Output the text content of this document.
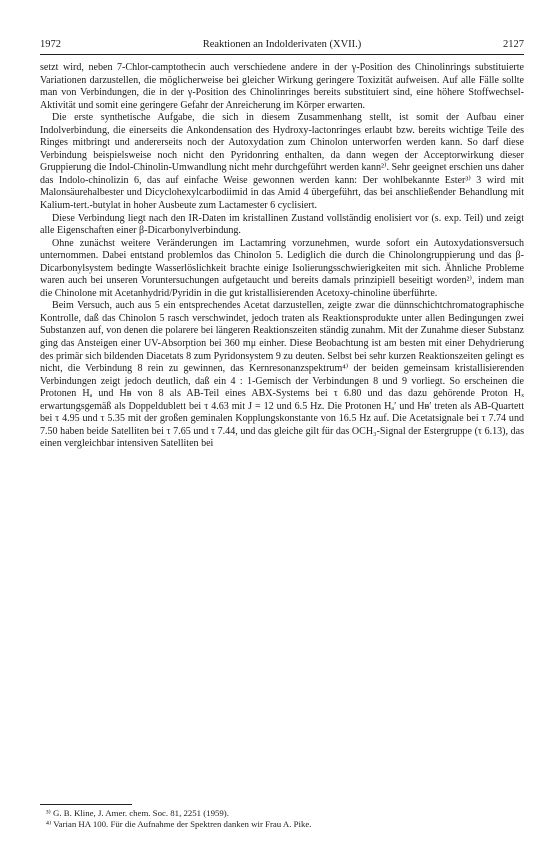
1972	Reaktionen an Indolderivaten (XVII.)	2127

setzt wird, neben 7-Chlor-camptothecin auch verschiedene andere in der γ-Position des Chinolinrings substituierte Variationen darzustellen, die möglicherweise bei gleicher Wirkung geringere Toxizität aufweisen. Auf alle Fälle sollte man von Verbindungen, die in der γ-Position des Chinolinringes bereits substituiert sind, eine höhere Stoffwechsel-Aktivität und somit eine geringere Gefahr der Anreicherung im Körper erwarten.

Die erste synthetische Aufgabe, die sich in diesem Zusammenhang stellt, ist somit der Aufbau einer Indolverbindung, die einerseits die Ankondensation des Hydroxy-lactonringes erlaubt bzw. bereits wichtige Teile des Ringes mitbringt und andererseits noch der Autoxydation zum Chinolon unterworfen werden kann. So darf diese Verbindung beispielsweise noch nicht den Pyridonring enthalten, da dann wegen der Acceptorwirkung dieser Gruppierung die Indol-Chinolin-Umwandlung nicht mehr durchgeführt werden kann²⁾. Sehr geeignet erschien uns daher das Indolo-chinolizin 6, das auf einfache Weise gewonnen werden kann: Der wohlbekannte Ester³⁾ 3 wird mit Malonsäurehalbester und Dicyclohexylcarbodiimid in das Amid 4 übergeführt, das bei anschließender Behandlung mit Kalium-tert.-butylat in hoher Ausbeute zum Lactamester 6 cyclisiert.

Diese Verbindung liegt nach den IR-Daten im kristallinen Zustand vollständig enolisiert vor (s. exp. Teil) und zeigt alle Eigenschaften einer β-Dicarbonylverbindung.

Ohne zunächst weitere Veränderungen im Lactamring vorzunehmen, wurde sofort ein Autoxydationsversuch unternommen. Dabei entstand problemlos das Chinolon 5. Lediglich die durch die Chinolongruppierung und das β-Dicarbonylsystem bedingte Wasserlöslichkeit brachte einige Isolierungsschwierigkeiten mit sich. Ähnliche Probleme waren auch bei unseren Voruntersuchungen aufgetaucht und bereits damals prinzipiell beseitigt worden²⁾, indem man die Chinolone mit Acetanhydrid/Pyridin in die gut kristallisierenden Acetoxy-chinoline überführte.

Beim Versuch, auch aus 5 ein entsprechendes Acetat darzustellen, zeigte zwar die dünnschichtchromatographische Kontrolle, daß das Chinolon 5 rasch verschwindet, jedoch traten als Reaktionsprodukte unter allen Bedingungen zwei Substanzen auf, von denen die polarere bei längeren Reaktionszeiten ständig zunahm. Mit der Zunahme dieser Substanz ging das Ansteigen einer UV-Absorption bei 360 mμ einher. Diese Beobachtung ist am besten mit einer Dehydrierung des primär sich bildenden Diacetats 8 zum Pyridonsystem 9 zu deuten. Selbst bei sehr kurzen Reaktionszeiten gelingt es nicht, die Verbindung 8 rein zu gewinnen, das Kernresonanzspektrum⁴⁾ der beiden gemeinsam kristallisierenden Verbindungen zeigt jedoch deutlich, daß ein 4 : 1-Gemisch der Verbindungen 8 und 9 vorliegt. So erscheinen die Protonen Hₐ und Hᴃ von 8 als AB-Teil eines ABX-Systems bei τ 6.80 und das dazu gehörende Proton Hₓ erwartungsgemäß als Doppeldublett bei τ 4.63 mit J = 12 und 6.5 Hz. Die Protonen Hₐ′ und Hᴃ′ treten als AB-Quartett bei τ 4.95 und τ 5.35 mit der großen geminalen Kopplungskonstante von 16.5 Hz auf. Die Acetatsignale bei τ 7.74 und 7.50 haben beide Satelliten bei τ 7.65 und τ 7.44, und das gleiche gilt für das OCH₃-Signal der Estergruppe (τ 6.13), das einen vergleichbar intensiven Satelliten bei

³⁾ G. B. Kline, J. Amer. chem. Soc. 81, 2251 (1959).
⁴⁾ Varian HA 100. Für die Aufnahme der Spektren danken wir Frau A. Pike.
